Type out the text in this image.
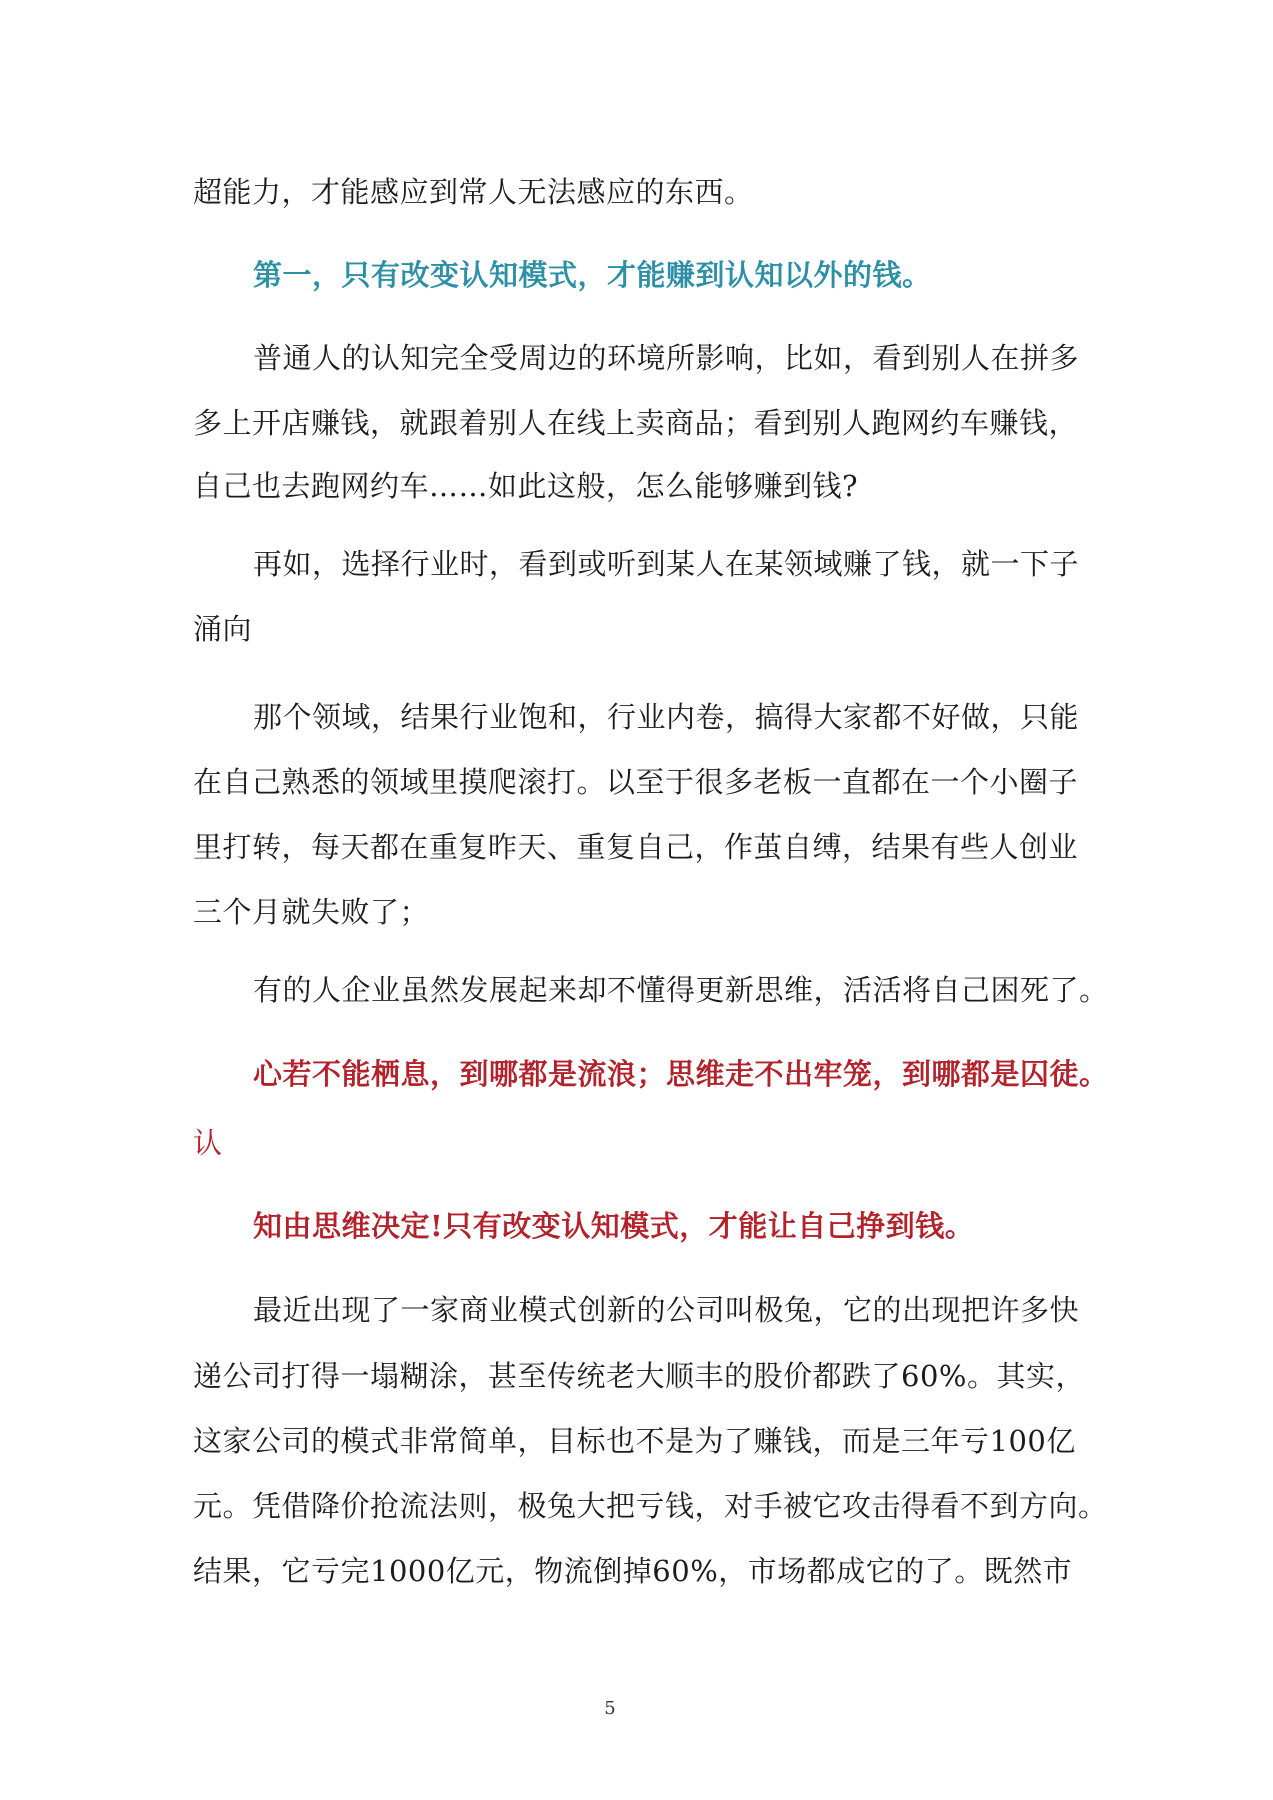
超能力，才能感应到常人无法感应的东西。
第一，只有改变认知模式，才能赚到认知以外的钱。
普通人的认知完全受周边的环境所影响，比如，看到别人在拼多
多上开店赚钱，就跟着别人在线上卖商品；看到别人跑网约车赚钱，
自己也去跑网约车……如此这般，怎么能够赚到钱?
再如，选择行业时，看到或听到某人在某领域赚了钱，就一下子
涌向
那个领域，结果行业饱和，行业内卷，搞得大家都不好做，只能
在自己熟悉的领域里摸爬滚打。以至于很多老板一直都在一个小圈子
里打转，每天都在重复昨天、重复自己，作茧自缚，结果有些人创业
三个月就失败了；
有的人企业虽然发展起来却不懂得更新思维，活活将自己困死了。
心若不能栖息，到哪都是流浪；思维走不出牢笼，到哪都是囚徒。
认
知由思维决定!只有改变认知模式，才能让自己挣到钱。
最近出现了一家商业模式创新的公司叫极兔，它的出现把许多快
递公司打得一塌糊涂，甚至传统老大顺丰的股价都跌了60%。其实，
这家公司的模式非常简单，目标也不是为了赚钱，而是三年亏100亿
元。凭借降价抢流法则，极兔大把亏钱，对手被它攻击得看不到方向。
结果，它亏完1000亿元，物流倒掉60%，市场都成它的了。既然市
5
